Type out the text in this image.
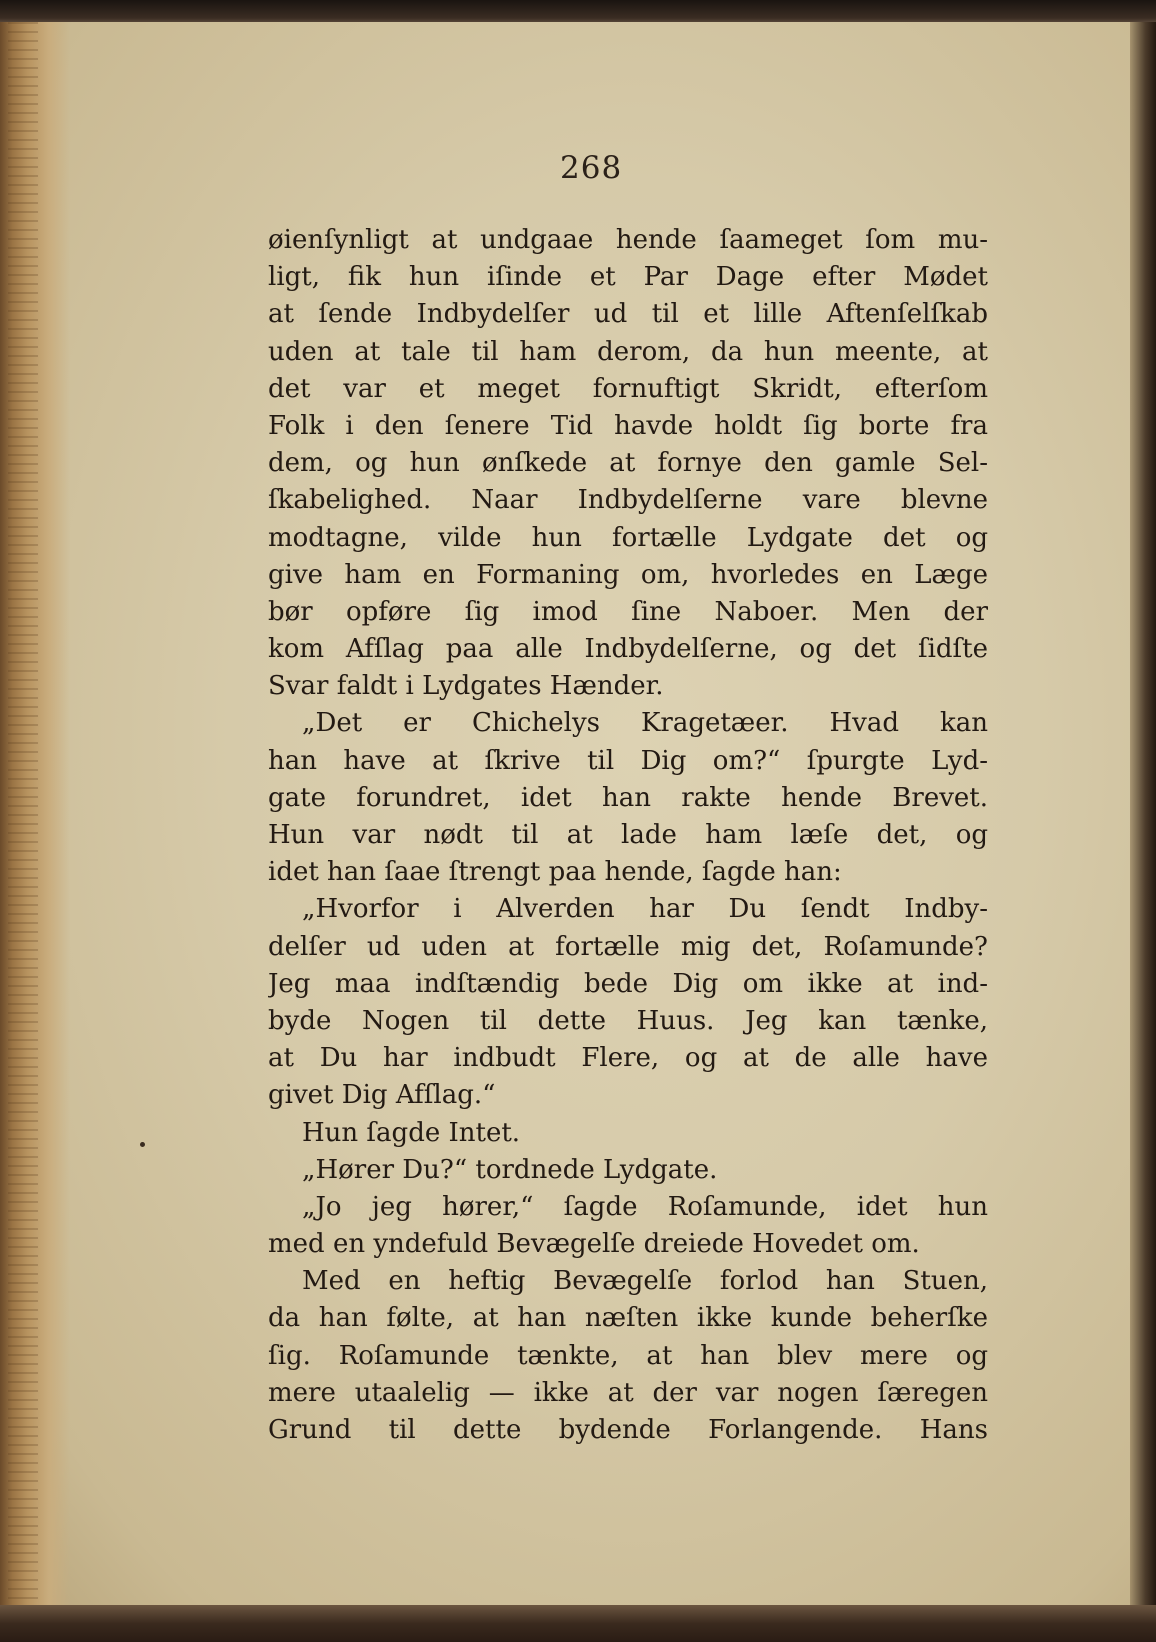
268
øienſynligt at undgaae hende ſaameget ſom mu-
ligt, fik hun iſinde et Par Dage efter Mødet
at ſende Indbydelſer ud til et lille Aftenſelſkab
uden at tale til ham derom, da hun meente, at
det var et meget fornuftigt Skridt, efterſom
Folk i den ſenere Tid havde holdt ſig borte fra
dem, og hun ønſkede at fornye den gamle Sel-
ſkabelighed. Naar Indbydelſerne vare blevne
modtagne, vilde hun fortælle Lydgate det og
give ham en Formaning om, hvorledes en Læge
bør opføre ſig imod ſine Naboer. Men der
kom Afſlag paa alle Indbydelſerne, og det ſidſte
Svar faldt i Lydgates Hænder.
„Det er Chichelys Kragetæer. Hvad kan
han have at ſkrive til Dig om?“ ſpurgte Lyd-
gate forundret, idet han rakte hende Brevet.
Hun var nødt til at lade ham læſe det, og
idet han ſaae ſtrengt paa hende, ſagde han:
„Hvorfor i Alverden har Du ſendt Indby-
delſer ud uden at fortælle mig det, Roſamunde?
Jeg maa indſtændig bede Dig om ikke at ind-
byde Nogen til dette Huus. Jeg kan tænke,
at Du har indbudt Flere, og at de alle have
givet Dig Afſlag.“
Hun ſagde Intet.
„Hører Du?“ tordnede Lydgate.
„Jo jeg hører,“ ſagde Roſamunde, idet hun
med en yndefuld Bevægelſe dreiede Hovedet om.
Med en heftig Bevægelſe forlod han Stuen,
da han følte, at han næſten ikke kunde beherſke
ſig. Roſamunde tænkte, at han blev mere og
mere utaalelig — ikke at der var nogen ſæregen
Grund til dette bydende Forlangende. Hans
